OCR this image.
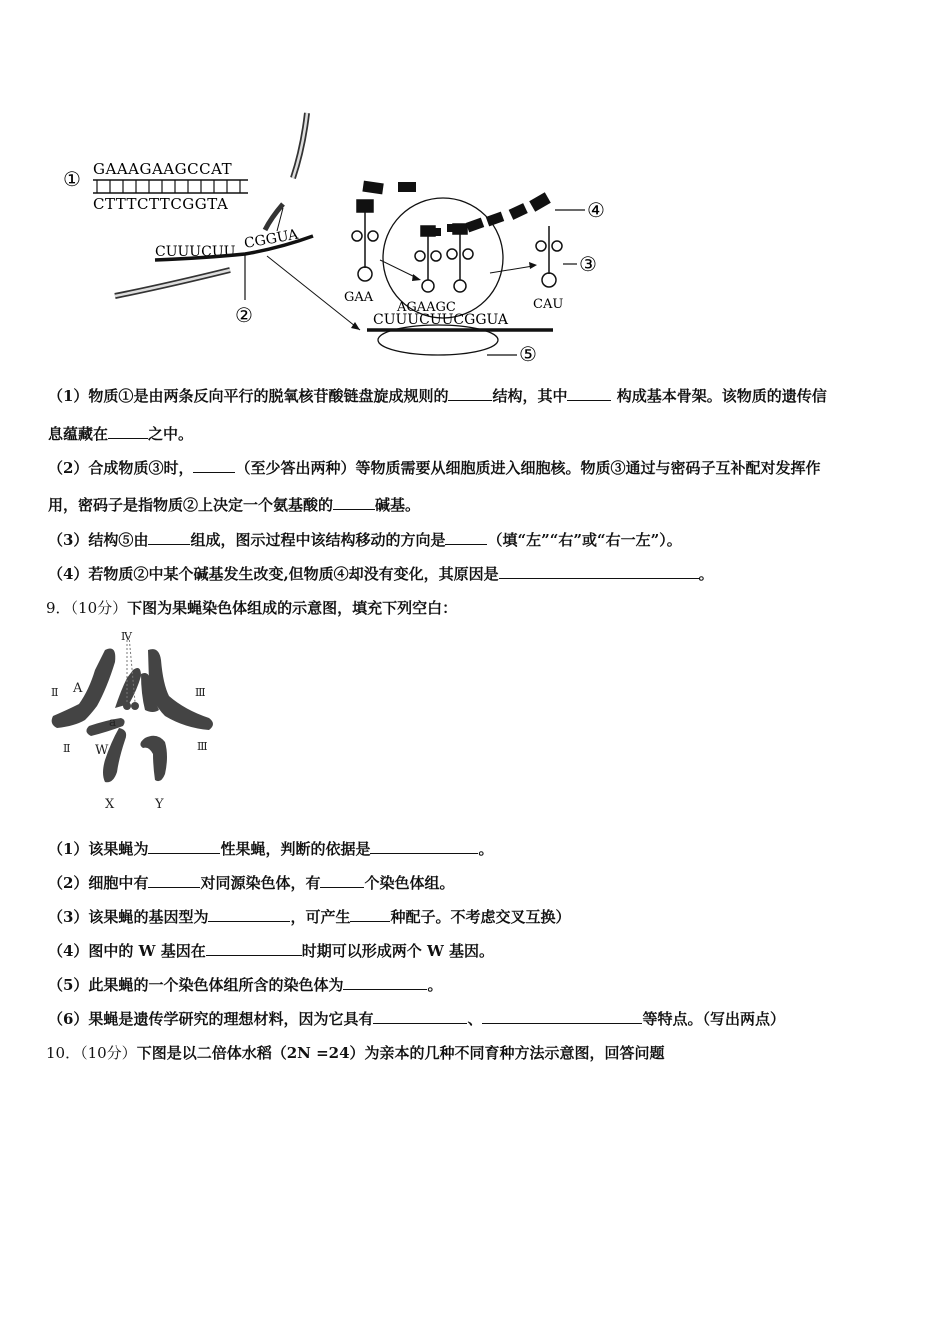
① GAAAGAAGCCAT
CTTTCTTCGGTA
CUUUCUU
CGGUA
②
GAA
AGAAGC	CAU
④
③
CUUUCUUCGGUA
⑤
（1）物质①是由两条反向平行的脱氧核苷酸链盘旋成规则的	结构，其中	构成基本骨架。该物质的遗传信
息蕴藏在	之中。
（2）合成物质③时，	（至少答出两种）等物质需要从细胞质进入细胞核。物质③通过与密码子互补配对发挥作
用，密码子是指物质②上决定一个氨基酸的	碱基。
（3）结构⑤由	组成，图示过程中该结构移动的方向是	（填“左”“右”或“右一左”）。
（4）若物质②中某个碱基发生改变,但物质④却没有变化，其原因是	。
9．（10分）下图为果蝇染色体组成的示意图，填充下列空白：
Ⅳ
Ⅱ A
a
Ⅲ
Ⅱ W	Ⅲ
X	Y
（1）该果蝇为	性果蝇，判断的依据是	。
（2）细胞中有	对同源染色体，有	个染色体组。
（3）该果蝇的基因型为	，可产生	种配子。不考虑交叉互换）
（4）图中的 W 基因在	时期可以形成两个 W 基因。
（5）此果蝇的一个染色体组所含的染色体为	。
（6）果蝇是遗传学研究的理想材料，因为它具有	、	等特点。（写出两点）
10．（10分）下图是以二倍体水稻（2N =24）为亲本的几种不同育种方法示意图，回答问题
